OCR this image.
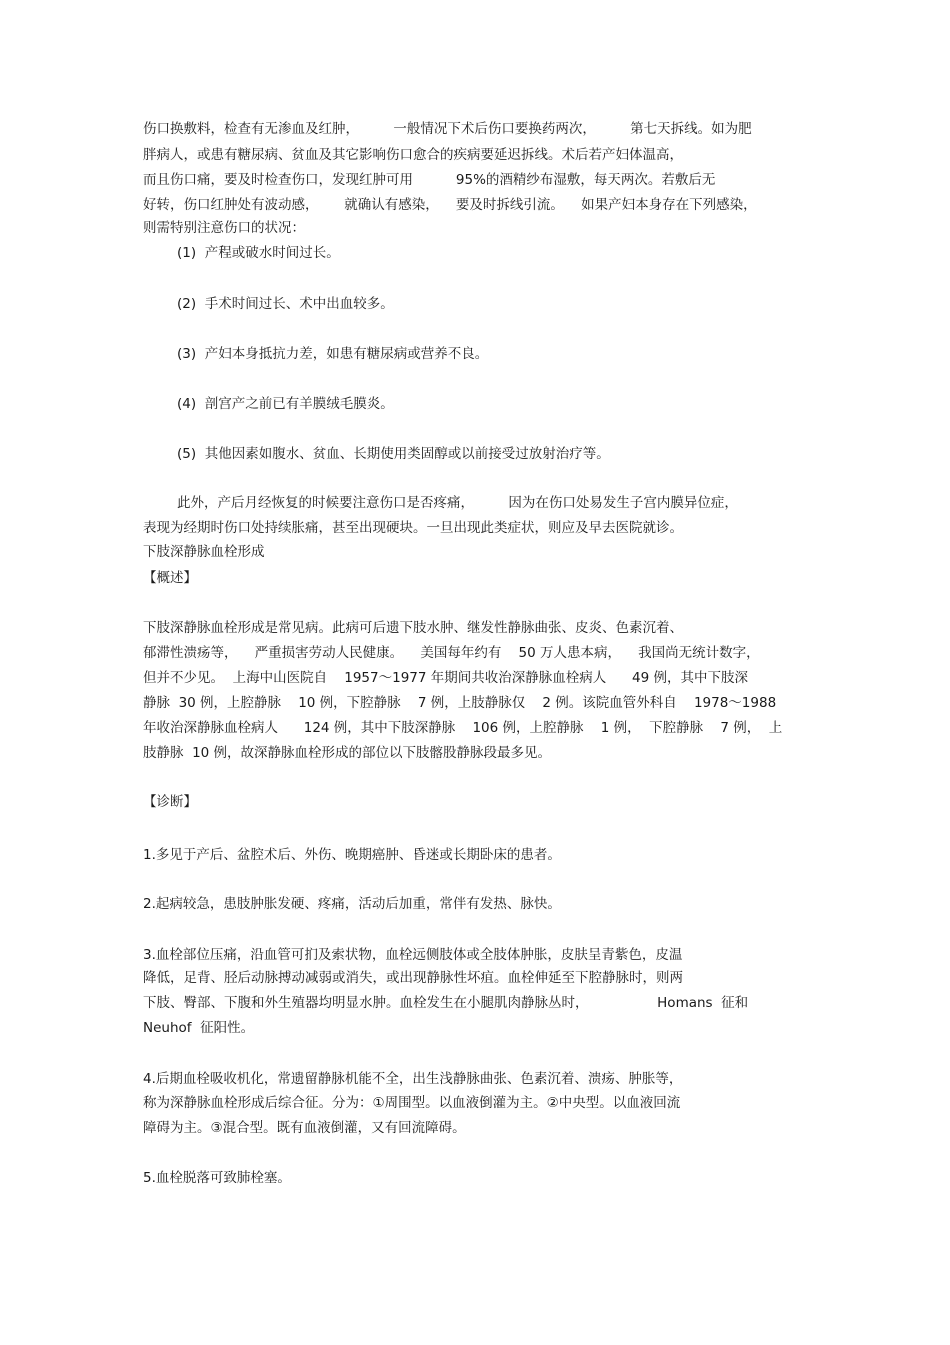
伤口换敷料，检查有无渗血及红肿，        一般情况下术后伤口要换药两次，        第七天拆线。如为肥

胖病人，或患有糖尿病、贫血及其它影响伤口愈合的疾病要延迟拆线。术后若产妇体温高，

而且伤口痛，要及时检查伤口，发现红肿可用          95%的酒精纱布湿敷，每天两次。若敷后无

好转，伤口红肿处有波动感，      就确认有感染，    要及时拆线引流。    如果产妇本身存在下列感染，

则需特别注意伤口的状况：

(1)  产程或破水时间过长。

(2)  手术时间过长、术中出血较多。

(3)  产妇本身抵抗力差，如患有糖尿病或营养不良。

(4)  剖宫产之前已有羊膜绒毛膜炎。

(5)  其他因素如腹水、贫血、长期使用类固醇或以前接受过放射治疗等。

此外，产后月经恢复的时候要注意伤口是否疼痛，        因为在伤口处易发生子宫内膜异位症，

表现为经期时伤口处持续胀痛，甚至出现硬块。一旦出现此类症状，则应及早去医院就诊。

下肢深静脉血栓形成

【概述】

下肢深静脉血栓形成是常见病。此病可后遗下肢水肿、继发性静脉曲张、皮炎、色素沉着、

郁滞性溃疡等，    严重损害劳动人民健康。    美国每年约有    50 万人患本病，    我国尚无统计数字，

但并不少见。  上海中山医院自    1957～1977 年期间共收治深静脉血栓病人      49 例，其中下肢深

静脉  30 例，上腔静脉    10 例，下腔静脉    7 例，上肢静脉仅    2 例。该院血管外科自    1978～1988

年收治深静脉血栓病人      124 例，其中下肢深静脉    106 例，上腔静脉    1 例，  下腔静脉    7 例，  上

肢静脉  10 例，故深静脉血栓形成的部位以下肢髂股静脉段最多见。

【诊断】

1.多见于产后、盆腔术后、外伤、晚期癌肿、昏迷或长期卧床的患者。

2.起病较急，患肢肿胀发硬、疼痛，活动后加重，常伴有发热、脉快。

3.血栓部位压痛，沿血管可扪及索状物，血栓远侧肢体或全肢体肿胀，皮肤呈青紫色，皮温

降低，足背、胫后动脉搏动减弱或消失，或出现静脉性坏疽。血栓伸延至下腔静脉时，则两

下肢、臀部、下腹和外生殖器均明显水肿。血栓发生在小腿肌肉静脉丛时，                Homans  征和

Neuhof  征阳性。

4.后期血栓吸收机化，常遗留静脉机能不全，出生浅静脉曲张、色素沉着、溃疡、肿胀等，

称为深静脉血栓形成后综合征。分为：①周围型。以血液倒灌为主。②中央型。以血液回流

障碍为主。③混合型。既有血液倒灌，又有回流障碍。

5.血栓脱落可致肺栓塞。
